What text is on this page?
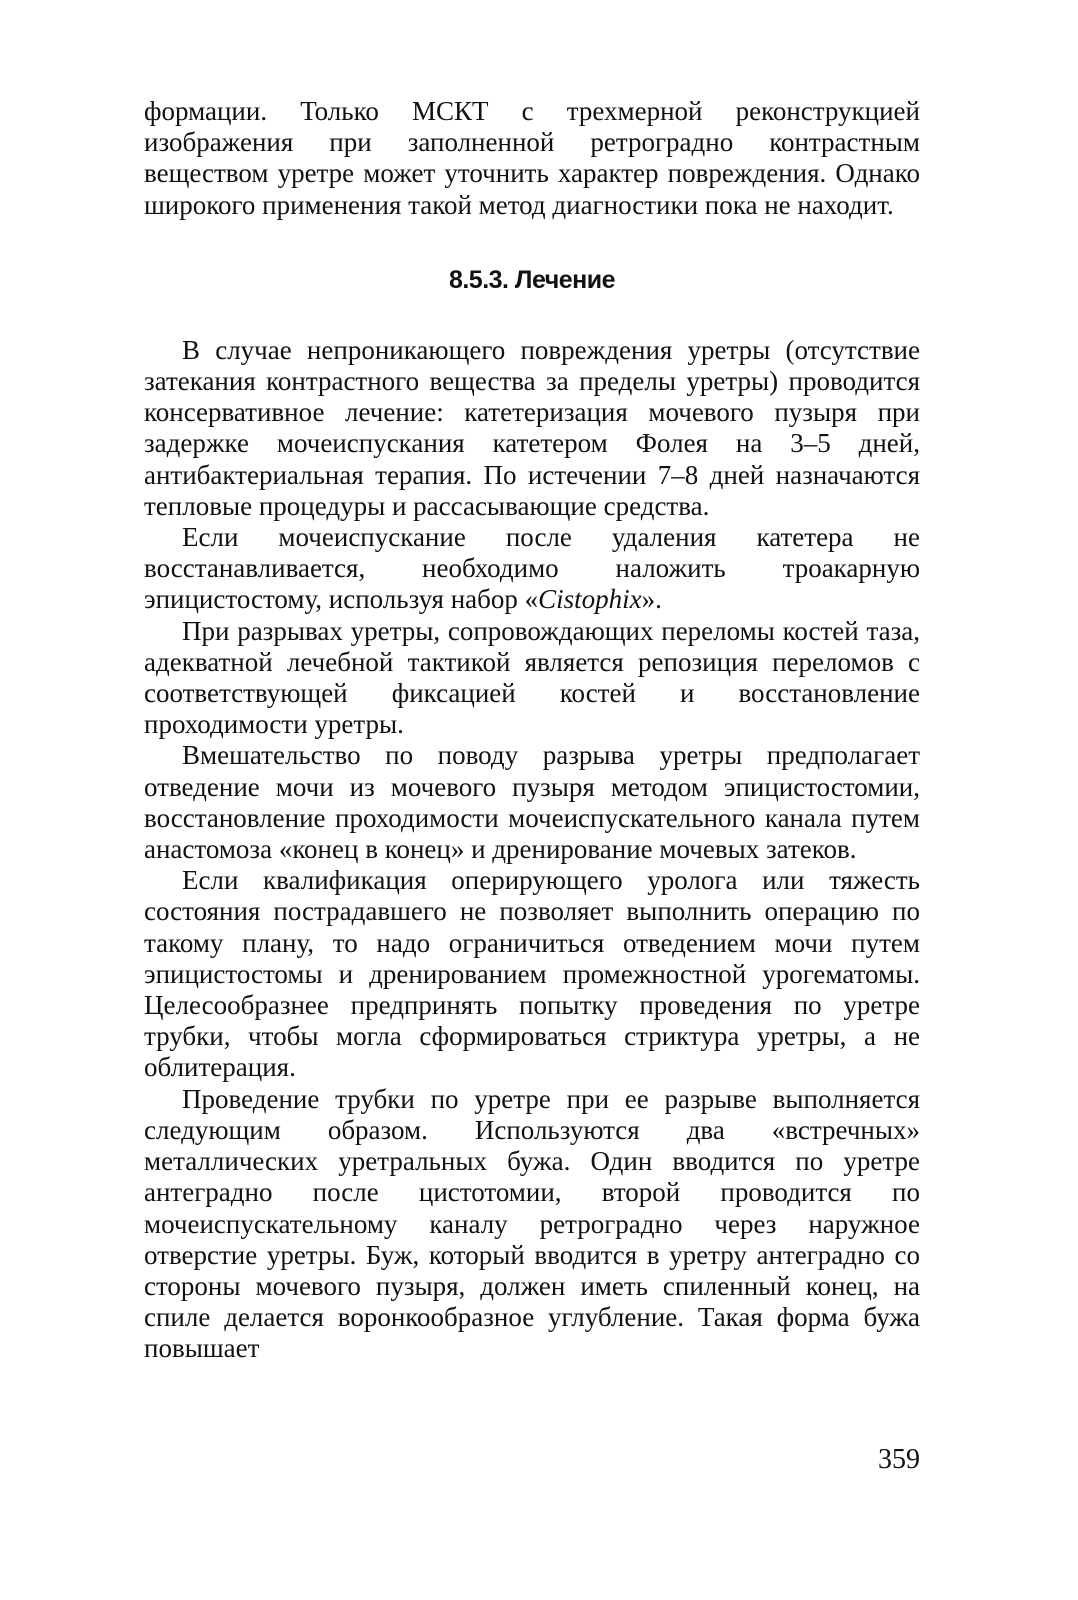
формации. Только МСКТ с трехмерной реконструкцией изображения при заполненной ретроградно контрастным веществом уретре может уточнить характер повреждения. Однако широкого применения такой метод диагностики пока не находит.

8.5.3. Лечение

В случае непроникающего повреждения уретры (отсутствие затекания контрастного вещества за пределы уретры) проводится консервативное лечение: катетеризация мочевого пузыря при задержке мочеиспускания катетером Фолея на 3–5 дней, антибактериальная терапия. По истечении 7–8 дней назначаются тепловые процедуры и рассасывающие средства.

Если мочеиспускание после удаления катетера не восстанавливается, необходимо наложить троакарную эпицистостому, используя набор «Cistophix».

При разрывах уретры, сопровождающих переломы костей таза, адекватной лечебной тактикой является репозиция переломов с соответствующей фиксацией костей и восстановление проходимости уретры.

Вмешательство по поводу разрыва уретры предполагает отведение мочи из мочевого пузыря методом эпицистостомии, восстановление проходимости мочеиспускательного канала путем анастомоза «конец в конец» и дренирование мочевых затеков.

Если квалификация оперирующего уролога или тяжесть состояния пострадавшего не позволяет выполнить операцию по такому плану, то надо ограничиться отведением мочи путем эпицистостомы и дренированием промежностной урогематомы. Целесообразнее предпринять попытку проведения по уретре трубки, чтобы могла сформироваться стриктура уретры, а не облитерация.

Проведение трубки по уретре при ее разрыве выполняется следующим образом. Используются два «встречных» металлических уретральных бужа. Один вводится по уретре антеградно после цистотомии, второй проводится по мочеиспускательному каналу ретроградно через наружное отверстие уретры. Буж, который вводится в уретру антеградно со стороны мочевого пузыря, должен иметь спиленный конец, на спиле делается воронкообразное углубление. Такая форма бужа повышает

359
